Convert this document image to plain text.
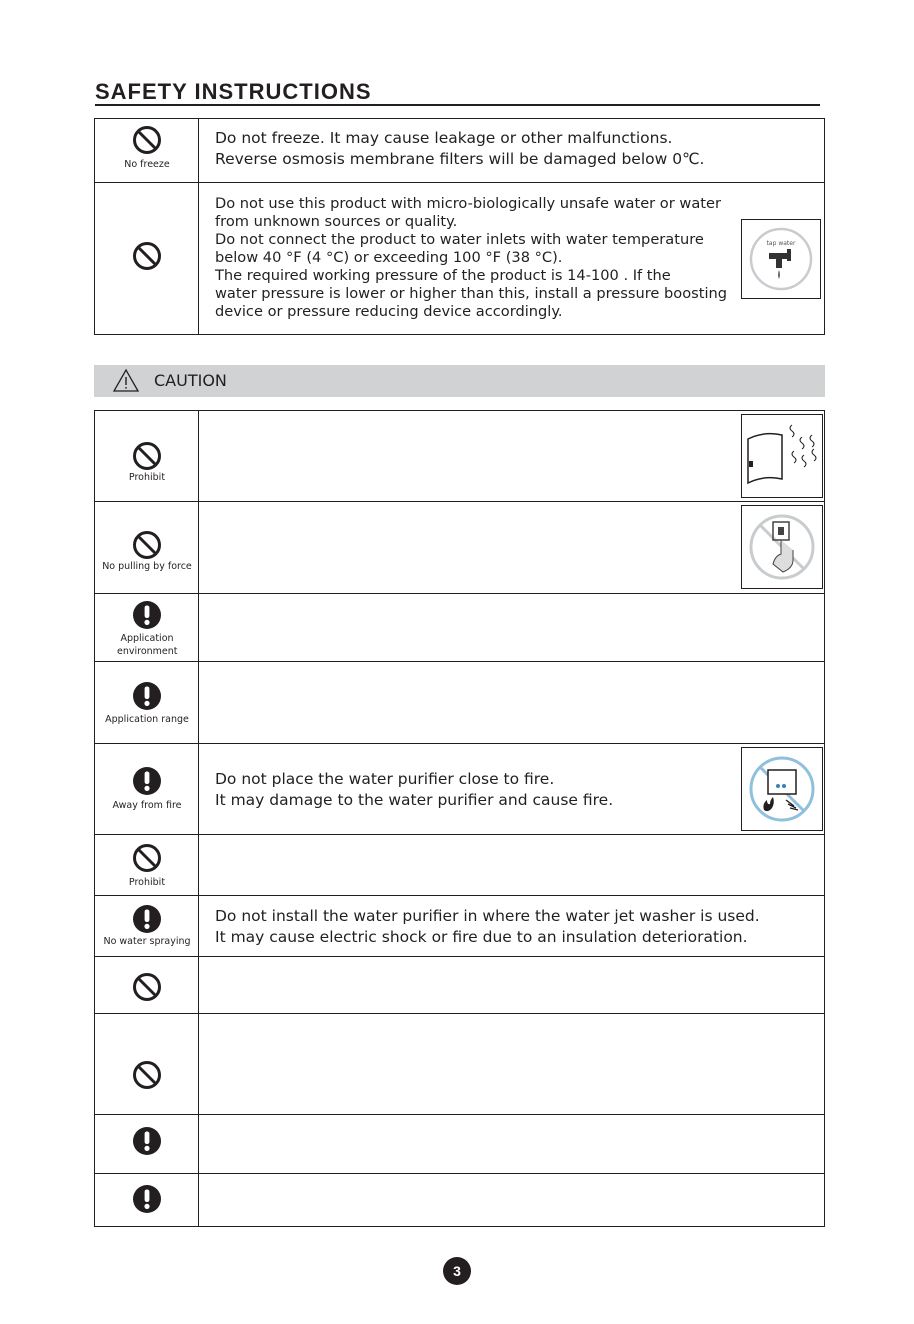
SAFETY INSTRUCTIONS
No freeze
Do not freeze. It may cause leakage or other malfunctions.
Reverse osmosis membrane filters will be damaged below 0℃.
Do not use this product with micro-biologically unsafe water or water
from unknown sources or quality.
Do not connect the product to water inlets with water temperature
below 40 °F (4 °C) or exceeding 100 °F (38 °C).
The required working pressure of the product is 14-100 . If the
water pressure is lower or higher than this, install a pressure boosting
device or pressure reducing device accordingly.
tap water
CAUTION
Prohibit
No pulling by force
Application environment
Application range
Away from fire
Do not place the water purifier close to fire.
It may damage to the water purifier and cause fire.
Prohibit
No water spraying
Do not install the water purifier in where the water jet washer is used.
It may cause electric shock or fire due to an insulation deterioration.
3
